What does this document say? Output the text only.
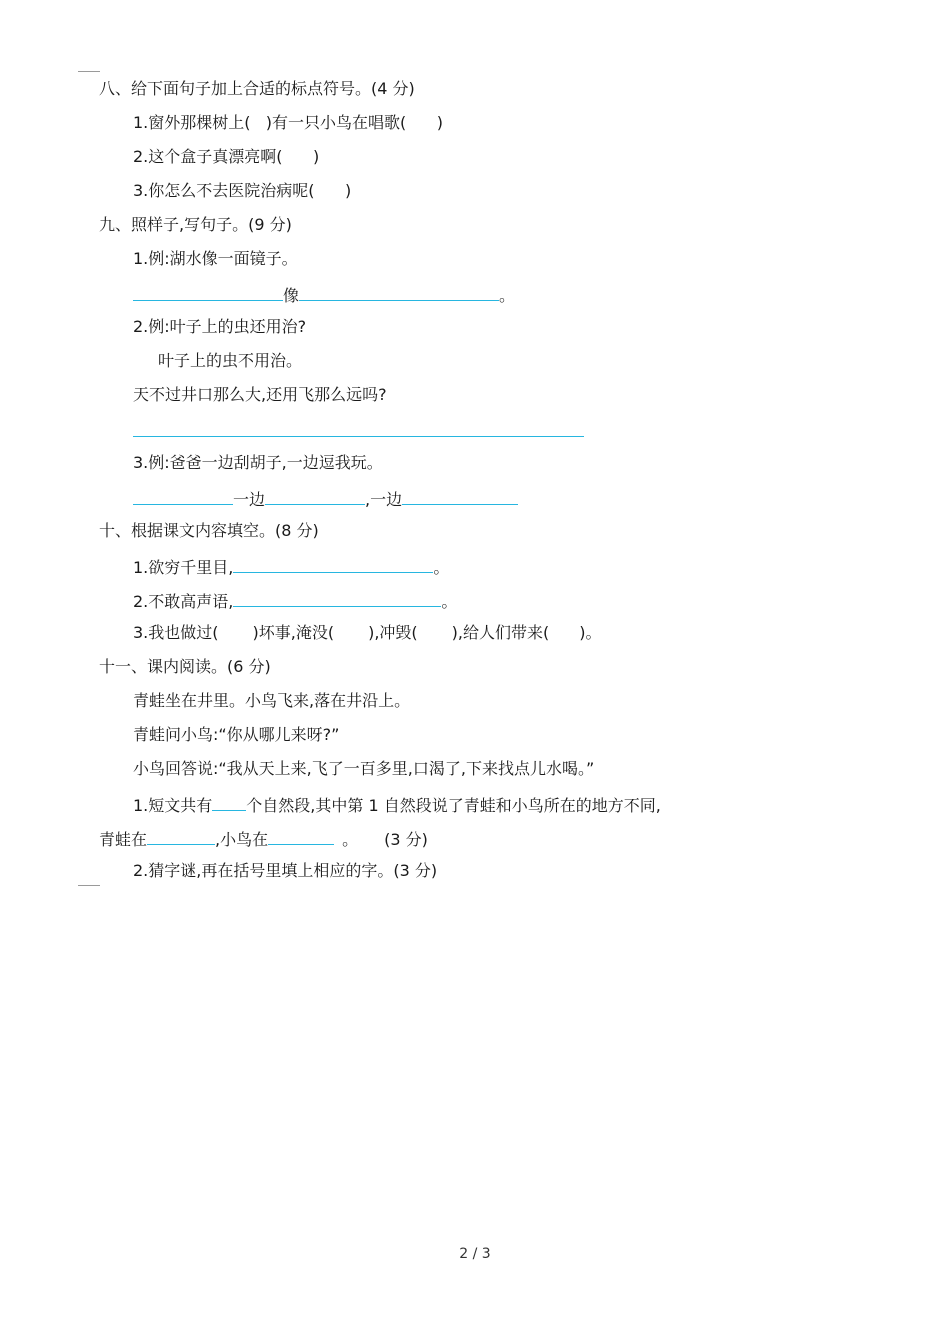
八、给下面句子加上合适的标点符号。(4 分)
1.窗外那棵树上(   )有一只小鸟在唱歌(      )
2.这个盒子真漂亮啊(      )
3.你怎么不去医院治病呢(      )
九、照样子,写句子。(9 分)
1.例:湖水像一面镜子。
像	。
2.例:叶子上的虫还用治?
叶子上的虫不用治。
天不过井口那么大,还用飞那么远吗?
3.例:爸爸一边刮胡子,一边逗我玩。
一边	,一边
十、根据课文内容填空。(8 分)
1.欲穷千里目,	。
2.不敢高声语,	。
3.我也做过( )坏事,淹没( ),冲毁( ),给人们带来( )。
十一、课内阅读。(6 分)
青蛙坐在井里。小鸟飞来,落在井沿上。
青蛙问小鸟:“你从哪儿来呀?”
小鸟回答说:“我从天上来,飞了一百多里,口渴了,下来找点儿水喝。”
1.短文共有 个自然段,其中第 1 自然段说了青蛙和小鸟所在的地方不同,
青蛙在	,小鸟在	。 (3 分)
2.猜字谜,再在括号里填上相应的字。(3 分)
2 / 3
